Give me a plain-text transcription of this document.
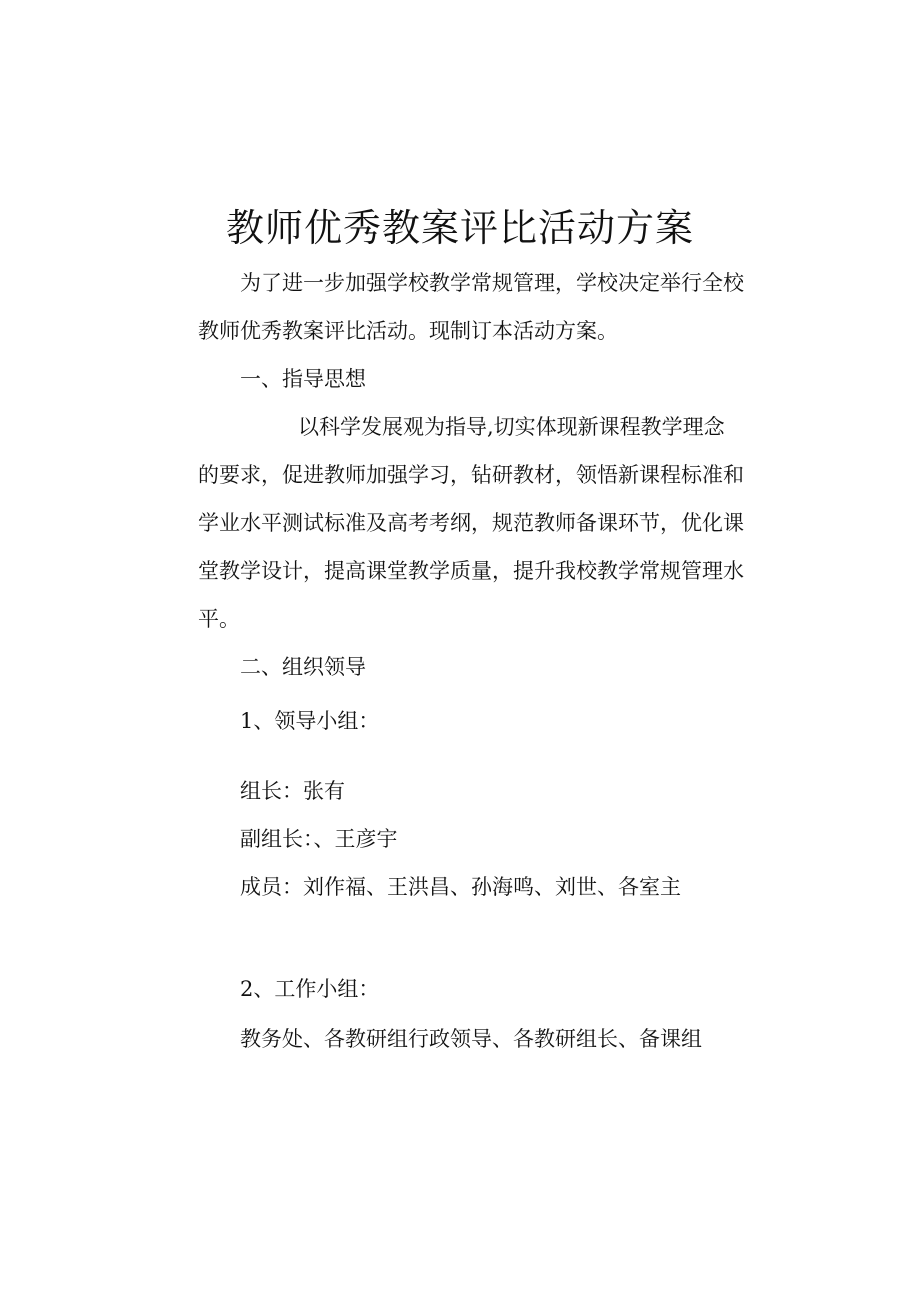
教师优秀教案评比活动方案

为了进一步加强学校教学常规管理，学校决定举行全校

教师优秀教案评比活动。现制订本活动方案。

一、指导思想

以科学发展观为指导,切实体现新课程教学理念

的要求，促进教师加强学习，钻研教材，领悟新课程标准和

学业水平测试标准及高考考纲，规范教师备课环节，优化课

堂教学设计，提高课堂教学质量，提升我校教学常规管理水

平。

二、组织领导

1、领导小组：

组长：张有

副组长：、王彦宇

成员：刘作福、王洪昌、孙海鸣、刘世、各室主

2、工作小组：

教务处、各教研组行政领导、各教研组长、备课组
